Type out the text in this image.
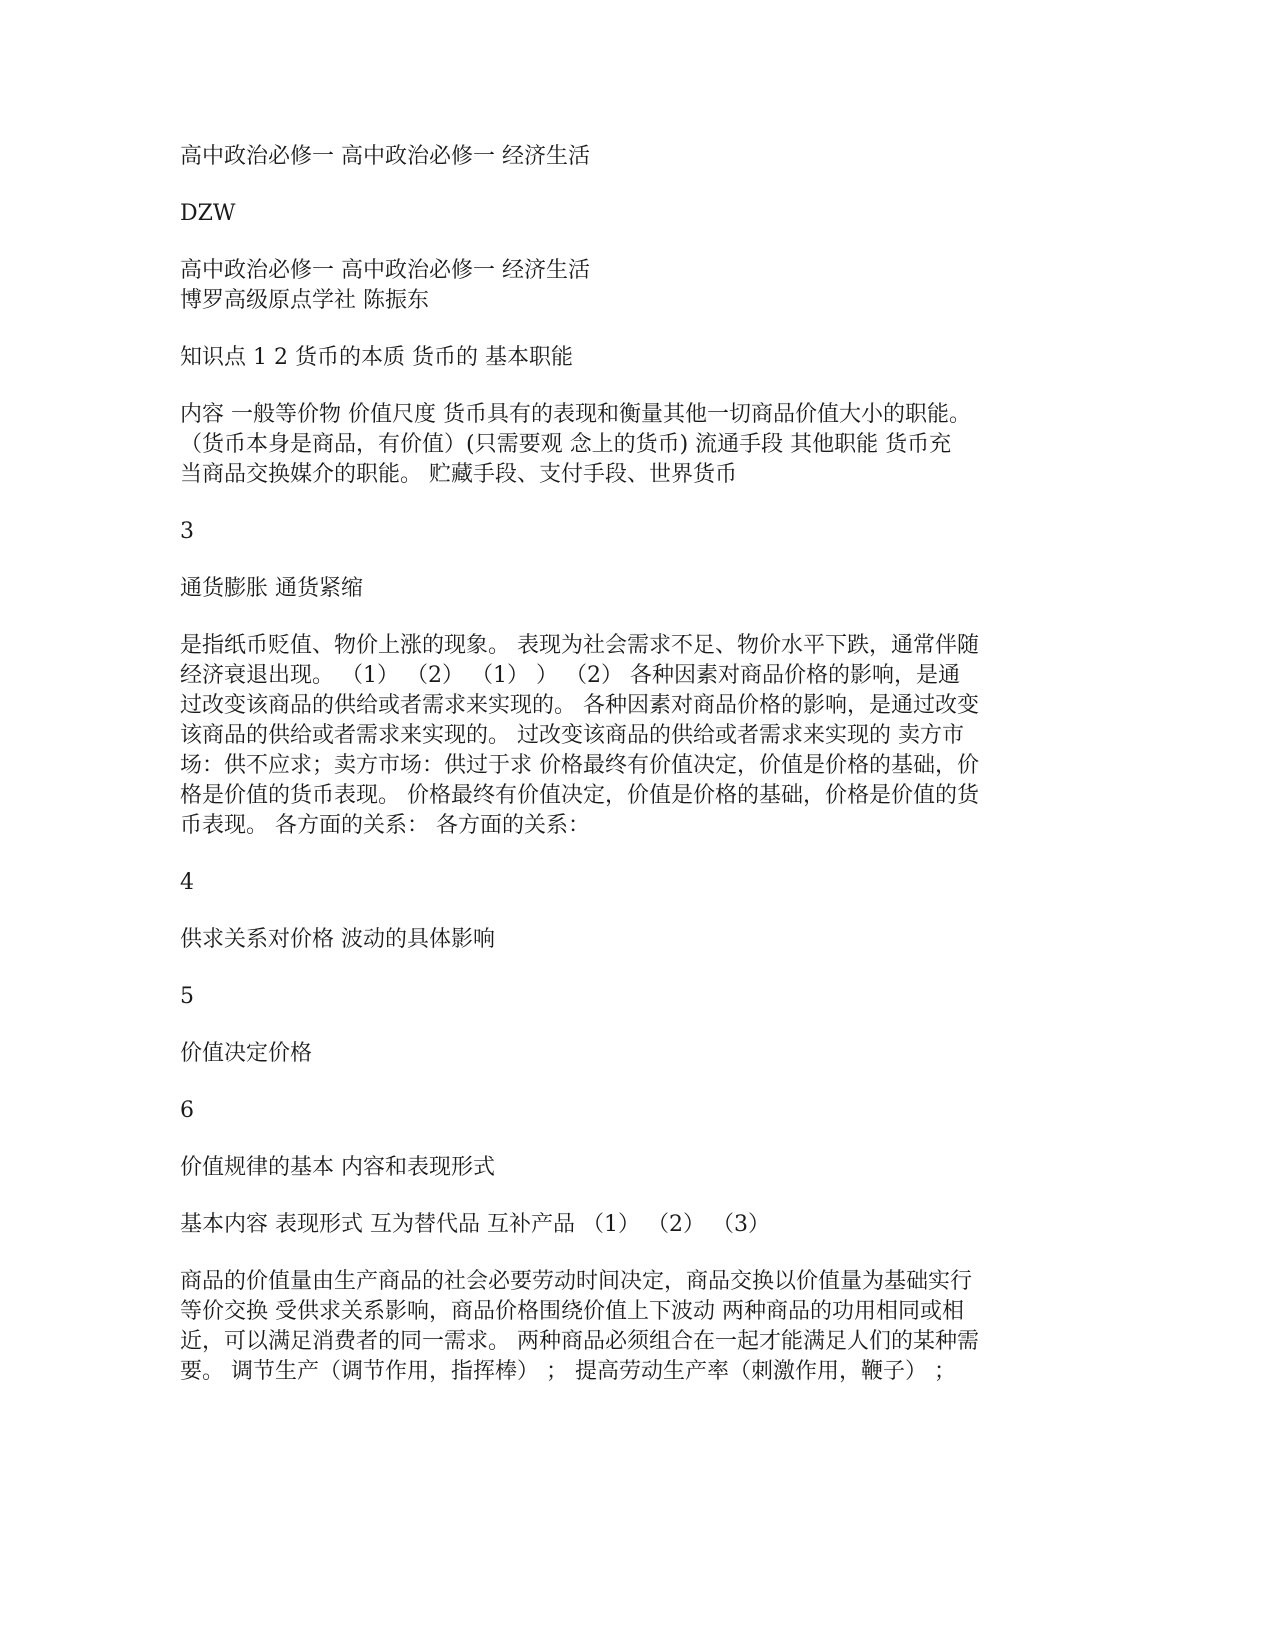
高中政治必修一 高中政治必修一 经济生活
DZW
高中政治必修一 高中政治必修一 经济生活
博罗高级原点学社 陈振东
知识点 1 2 货币的本质 货币的 基本职能
内容 一般等价物 价值尺度 货币具有的表现和衡量其他一切商品价值大小的职能。
（货币本身是商品，有价值）(只需要观 念上的货币) 流通手段 其他职能 货币充
当商品交换媒介的职能。 贮藏手段、支付手段、世界货币
3
通货膨胀 通货紧缩
是指纸币贬值、物价上涨的现象。 表现为社会需求不足、物价水平下跌，通常伴随
经济衰退出现。 （1） （2） （1） ） （2） 各种因素对商品价格的影响，是通
过改变该商品的供给或者需求来实现的。 各种因素对商品价格的影响，是通过改变
该商品的供给或者需求来实现的。 过改变该商品的供给或者需求来实现的 卖方市
场：供不应求；卖方市场：供过于求 价格最终有价值决定，价值是价格的基础，价
格是价值的货币表现。 价格最终有价值决定，价值是价格的基础，价格是价值的货
币表现。 各方面的关系： 各方面的关系：
4
供求关系对价格 波动的具体影响
5
价值决定价格
6
价值规律的基本 内容和表现形式
基本内容 表现形式 互为替代品 互补产品 （1） （2） （3）
商品的价值量由生产商品的社会必要劳动时间决定，商品交换以价值量为基础实行
等价交换 受供求关系影响，商品价格围绕价值上下波动 两种商品的功用相同或相
近，可以满足消费者的同一需求。 两种商品必须组合在一起才能满足人们的某种需
要。 调节生产（调节作用，指挥棒） ； 提高劳动生产率（刺激作用，鞭子） ；
